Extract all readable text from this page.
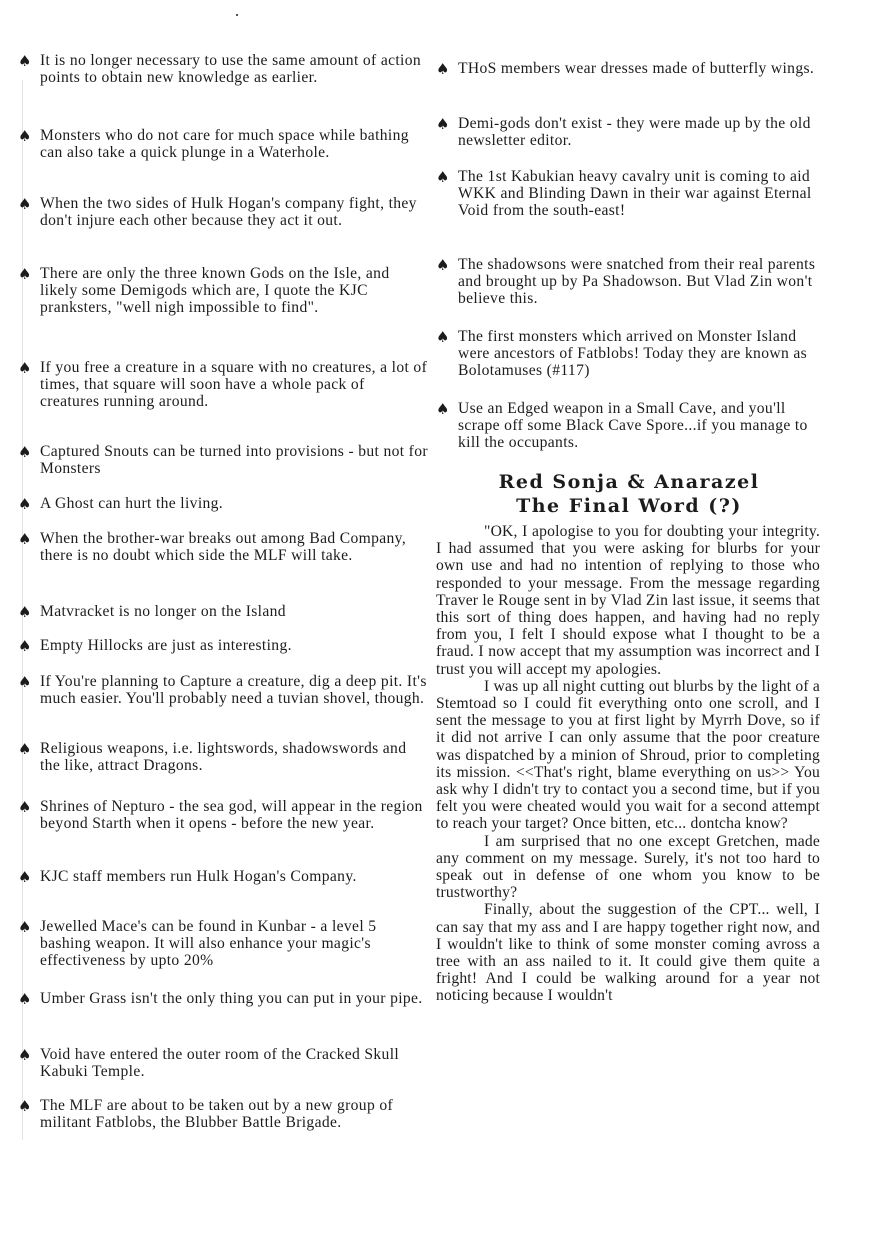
♠ It is no longer necessary to use the same amount of action points to obtain new knowledge as earlier.
♠ Monsters who do not care for much space while bathing can also take a quick plunge in a Waterhole.
♠ When the two sides of Hulk Hogan's company fight, they don't injure each other because they act it out.
♠ There are only the three known Gods on the Isle, and likely some Demigods which are, I quote the KJC pranksters, "well nigh impossible to find".
♠ If you free a creature in a square with no creatures, a lot of times, that square will soon have a whole pack of creatures running around.
♠ Captured Snouts can be turned into provisions - but not for Monsters
♠ A Ghost can hurt the living.
♠ When the brother-war breaks out among Bad Company, there is no doubt which side the MLF will take.
♠ Matvracket is no longer on the Island
♠ Empty Hillocks are just as interesting.
♠ If You're planning to Capture a creature, dig a deep pit. It's much easier. You'll probably need a tuvian shovel, though.
♠ Religious weapons, i.e. lightswords, shadowswords and the like, attract Dragons.
♠ Shrines of Nepturo - the sea god, will appear in the region beyond Starth when it opens - before the new year.
♠ KJC staff members run Hulk Hogan's Company.
♠ Jewelled Mace's can be found in Kunbar - a level 5 bashing weapon. It will also enhance your magic's effectiveness by upto 20%
♠ Umber Grass isn't the only thing you can put in your pipe.
♠ Void have entered the outer room of the Cracked Skull Kabuki Temple.
♠ The MLF are about to be taken out by a new group of militant Fatblobs, the Blubber Battle Brigade.
♠ THoS members wear dresses made of butterfly wings.
♠ Demi-gods don't exist - they were made up by the old newsletter editor.
♠ The 1st Kabukian heavy cavalry unit is coming to aid WKK and Blinding Dawn in their war against Eternal Void from the south-east!
♠ The shadowsons were snatched from their real parents and brought up by Pa Shadowson. But Vlad Zin won't believe this.
♠ The first monsters which arrived on Monster Island were ancestors of Fatblobs! Today they are known as Bolotamuses (#117)
♠ Use an Edged weapon in a Small Cave, and you'll scrape off some Black Cave Spore...if you manage to kill the occupants.
Red Sonja & Anarazel
The Final Word (?)

"OK, I apologise to you for doubting your integrity. I had assumed that you were asking for blurbs for your own use and had no intention of replying to those who responded to your message. From the message regarding Traver le Rouge sent in by Vlad Zin last issue, it seems that this sort of thing does happen, and having had no reply from you, I felt I should expose what I thought to be a fraud. I now accept that my assumption was incorrect and I trust you will accept my apologies.

I was up all night cutting out blurbs by the light of a Stemtoad so I could fit everything onto one scroll, and I sent the message to you at first light by Myrrh Dove, so if it did not arrive I can only assume that the poor creature was dispatched by a minion of Shroud, prior to completing its mission. <<That's right, blame everything on us>> You ask why I didn't try to contact you a second time, but if you felt you were cheated would you wait for a second attempt to reach your target? Once bitten, etc... dontcha know?

I am surprised that no one except Gretchen, made any comment on my message. Surely, it's not too hard to speak out in defense of one whom you know to be trustworthy?

Finally, about the suggestion of the CPT... well, I can say that my ass and I are happy together right now, and I wouldn't like to think of some monster coming avross a tree with an ass nailed to it. It could give them quite a fright! And I could be walking around for a year not noticing because I wouldn't
